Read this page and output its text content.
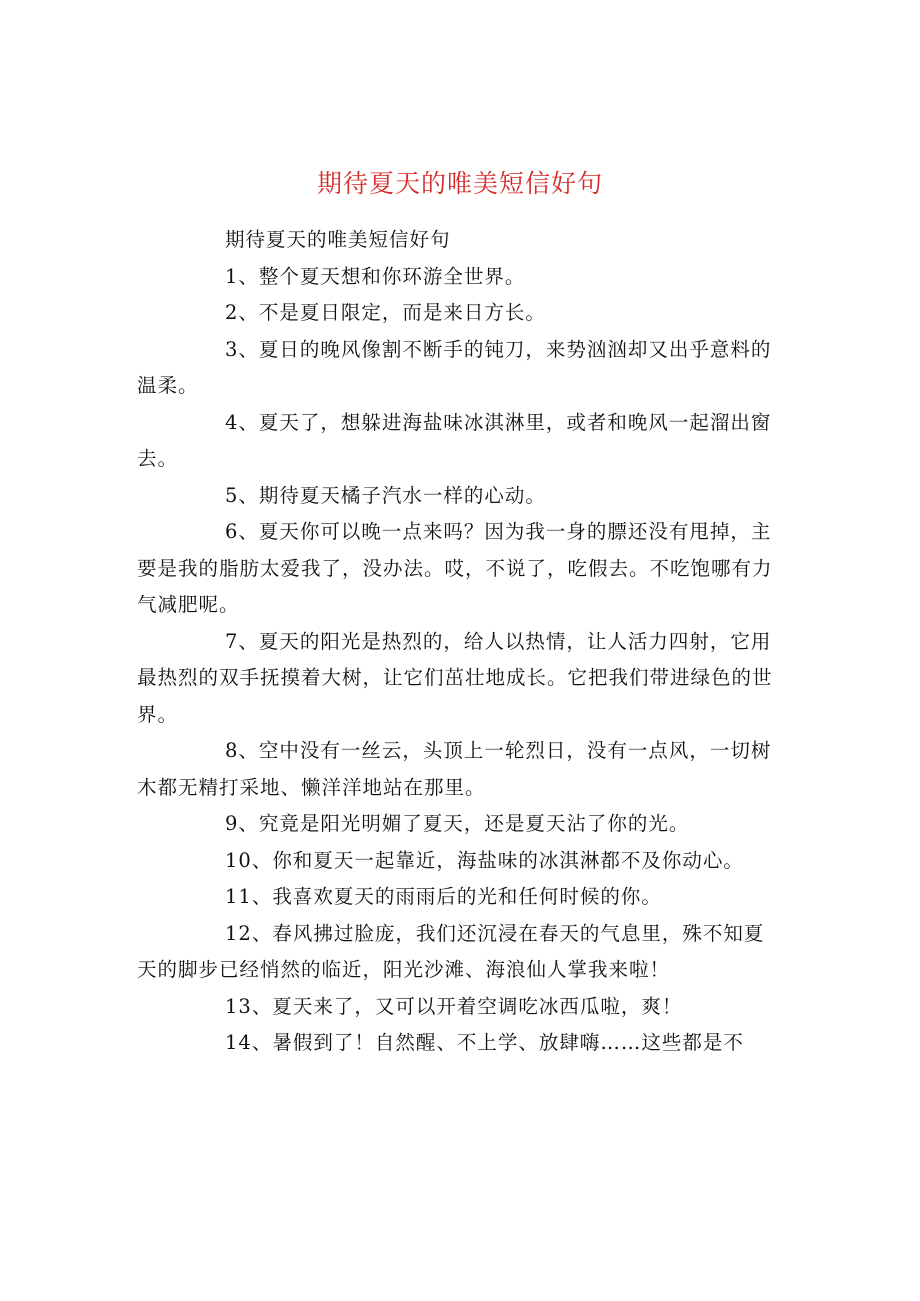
期待夏天的唯美短信好句

期待夏天的唯美短信好句

1、整个夏天想和你环游全世界。

2、不是夏日限定，而是来日方长。

3、夏日的晚风像割不断手的钝刀，来势汹汹却又出乎意料的温柔。

4、夏天了，想躲进海盐味冰淇淋里，或者和晚风一起溜出窗去。

5、期待夏天橘子汽水一样的心动。

6、夏天你可以晚一点来吗？因为我一身的膘还没有甩掉，主要是我的脂肪太爱我了，没办法。哎，不说了，吃假去。不吃饱哪有力气减肥呢。

7、夏天的阳光是热烈的，给人以热情，让人活力四射，它用最热烈的双手抚摸着大树，让它们茁壮地成长。它把我们带进绿色的世界。

8、空中没有一丝云，头顶上一轮烈日，没有一点风，一切树木都无精打采地、懒洋洋地站在那里。

9、究竟是阳光明媚了夏天，还是夏天沾了你的光。

10、你和夏天一起靠近，海盐味的冰淇淋都不及你动心。

11、我喜欢夏天的雨雨后的光和任何时候的你。

12、春风拂过脸庞，我们还沉浸在春天的气息里，殊不知夏天的脚步已经悄然的临近，阳光沙滩、海浪仙人掌我来啦！

13、夏天来了，又可以开着空调吃冰西瓜啦，爽！

14、暑假到了！自然醒、不上学、放肆嗨……这些都是不
